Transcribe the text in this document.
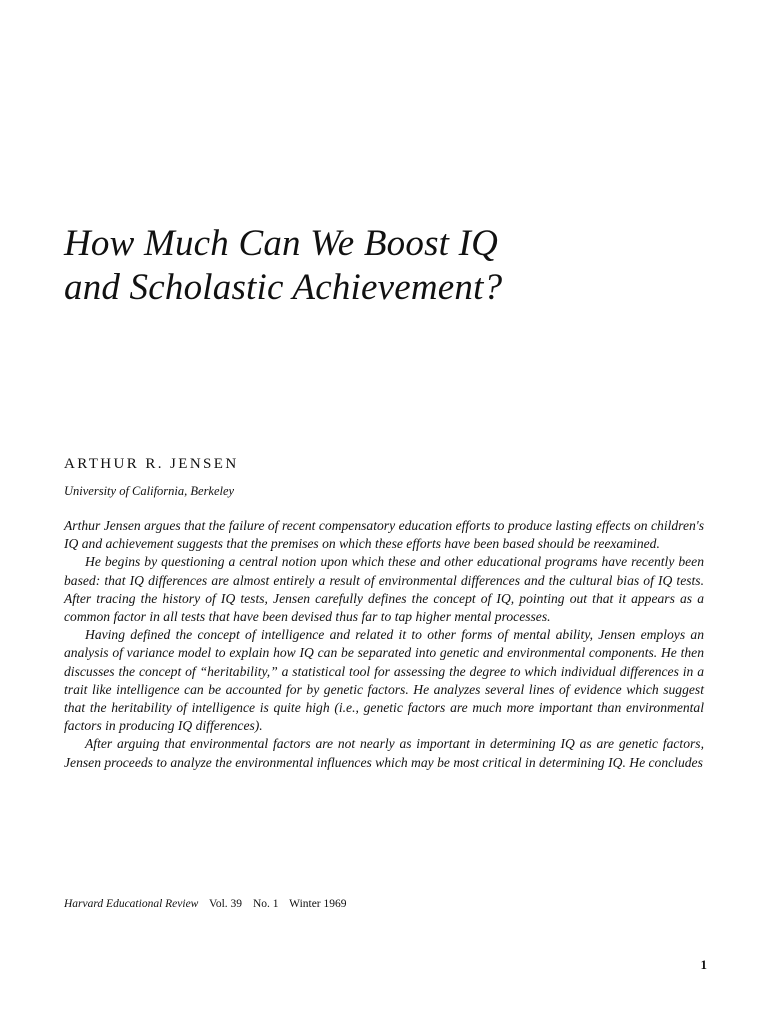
How Much Can We Boost IQ
and Scholastic Achievement?
ARTHUR R. JENSEN
University of California, Berkeley

Arthur Jensen argues that the failure of recent compensatory education efforts to produce lasting effects on children's IQ and achievement suggests that the premises on which these efforts have been based should be reexamined.

He begins by questioning a central notion upon which these and other educational programs have recently been based: that IQ differences are almost entirely a result of environmental differences and the cultural bias of IQ tests. After tracing the history of IQ tests, Jensen carefully defines the concept of IQ, pointing out that it appears as a common factor in all tests that have been devised thus far to tap higher mental processes.

Having defined the concept of intelligence and related it to other forms of mental ability, Jensen employs an analysis of variance model to explain how IQ can be separated into genetic and environmental components. He then discusses the concept of “heritability,” a statistical tool for assessing the degree to which individual differences in a trait like intelligence can be accounted for by genetic factors. He analyzes several lines of evidence which suggest that the heritability of intelligence is quite high (i.e., genetic factors are much more important than environmental factors in producing IQ differences).

After arguing that environmental factors are not nearly as important in determining IQ as are genetic factors, Jensen proceeds to analyze the environmental influences which may be most critical in determining IQ. He concludes

Harvard Educational Review Vol. 39 No. 1 Winter 1969
1
